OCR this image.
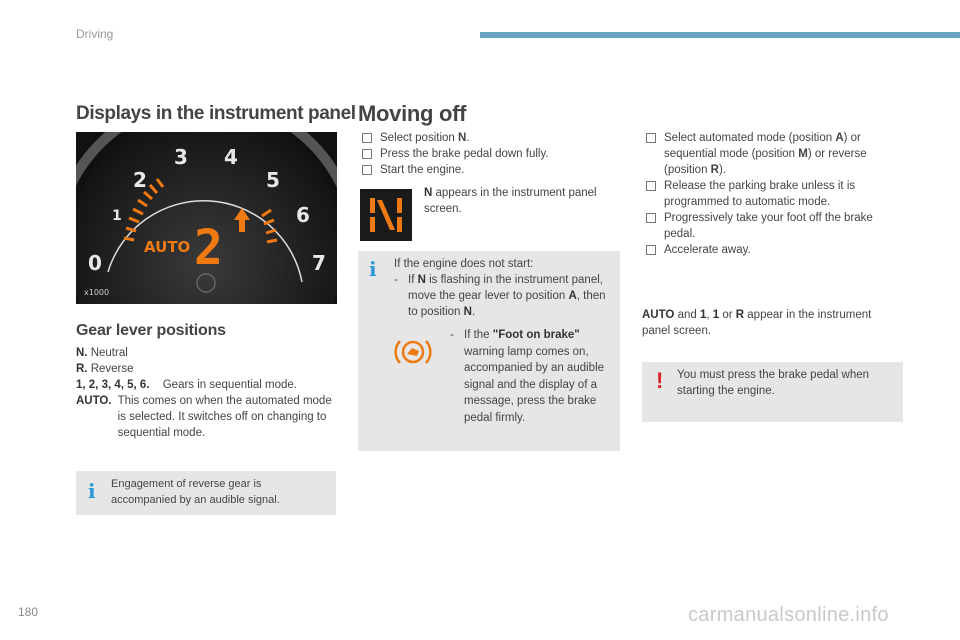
Driving
Displays in the instrument panel
0
1
2
3 4
5
6
7
AUTO 2
x1000
Gear lever positions
N. Neutral
R. Reverse
1, 2, 3, 4, 5, 6. Gears in sequential mode.
AUTO. This comes on when the automated mode is selected. It switches off on changing to sequential mode.
i Engagement of reverse gear is accompanied by an audible signal.
Moving off
Select position N.
Press the brake pedal down fully.
Start the engine.
N appears in the instrument panel screen.
i If the engine does not start:
- If N is flashing in the instrument panel, move the gear lever to position A, then to position N.
- If the "Foot on brake" warning lamp comes on, accompanied by an audible signal and the display of a message, press the brake pedal firmly.
Select automated mode (position A) or sequential mode (position M) or reverse (position R).
Release the parking brake unless it is programmed to automatic mode.
Progressively take your foot off the brake pedal.
Accelerate away.
AUTO and 1, 1 or R appear in the instrument panel screen.
! You must press the brake pedal when starting the engine.
180	carmanualsonline.info
